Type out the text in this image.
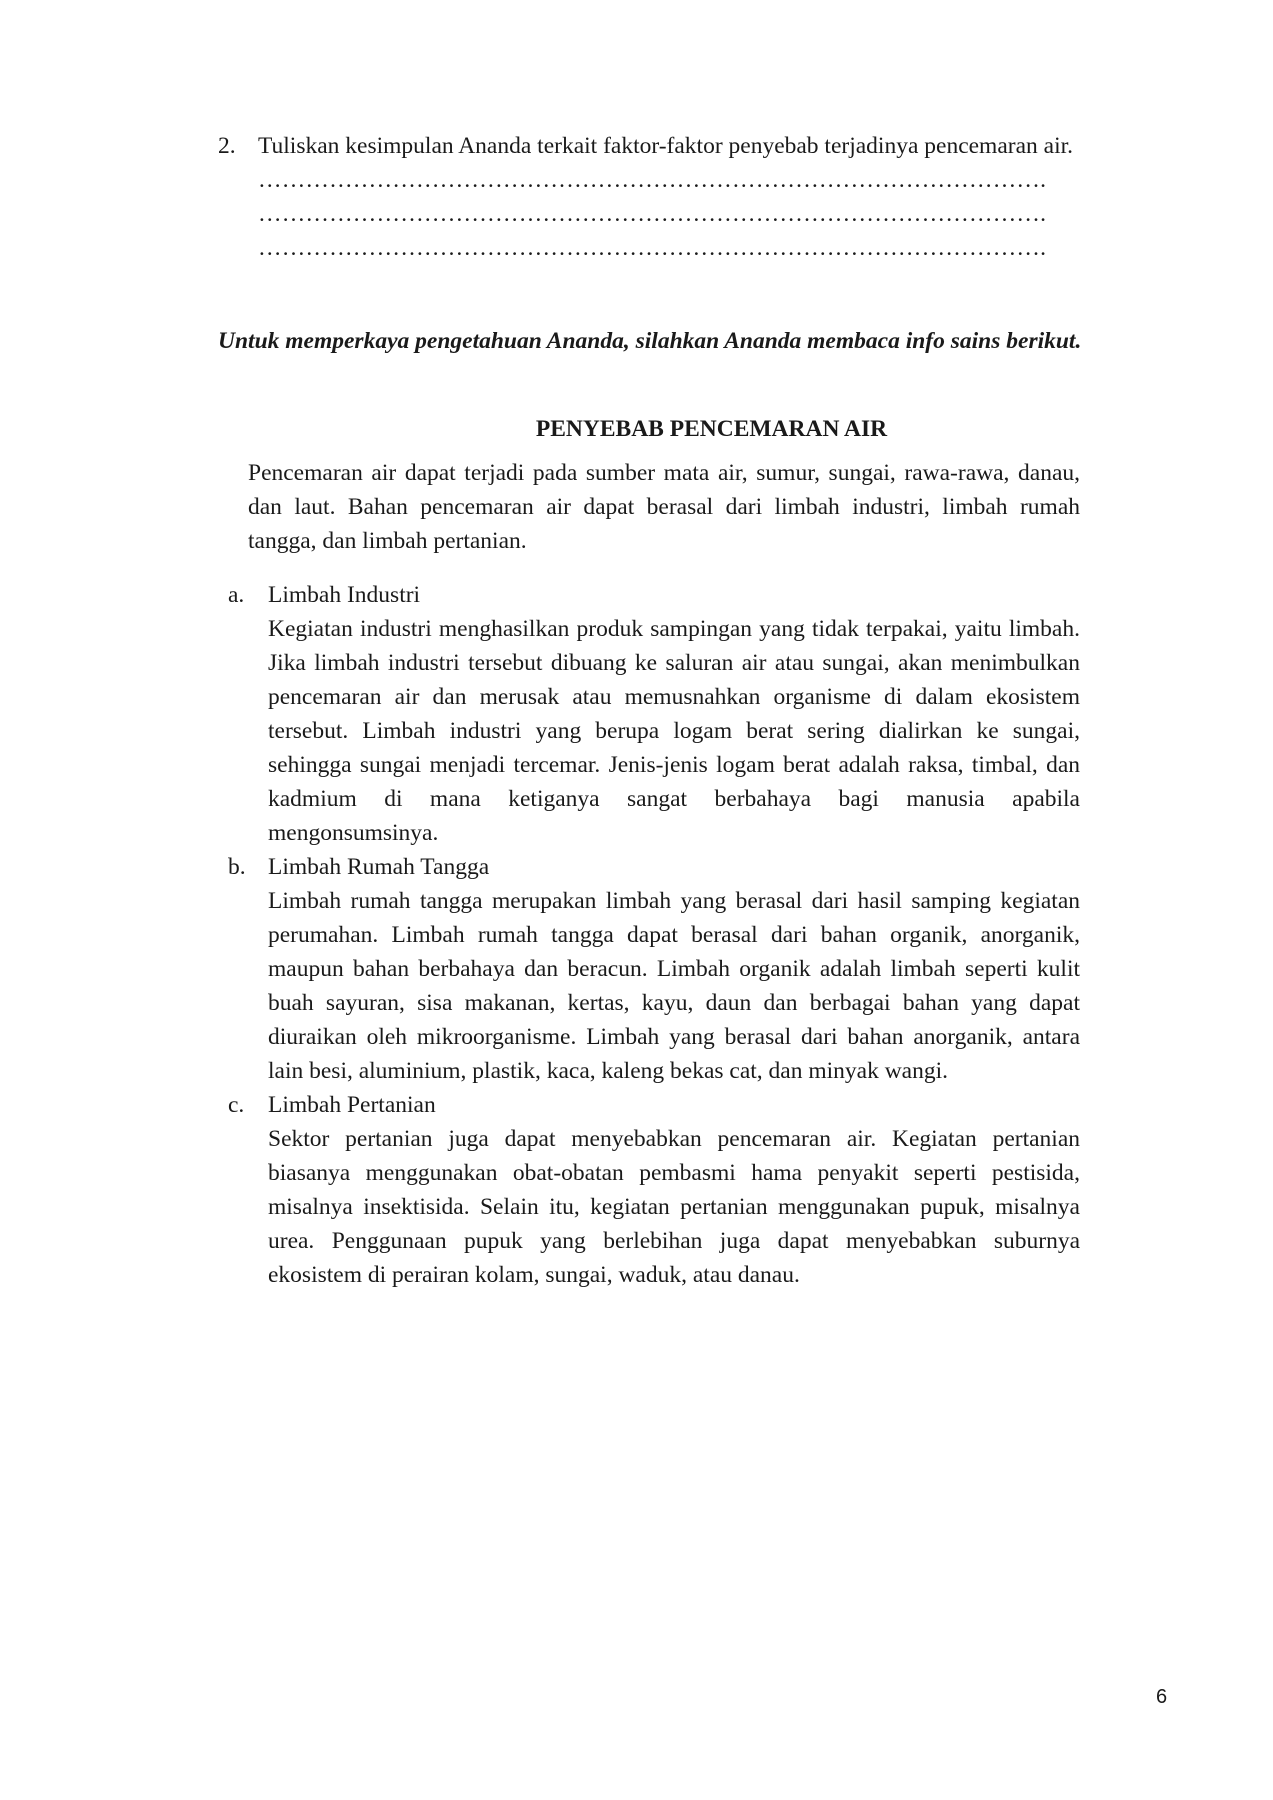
2. Tuliskan kesimpulan Ananda terkait faktor-faktor penyebab terjadinya pencemaran air.
……………………………………………………………………………………….
……………………………………………………………………………………….
……………………………………………………………………………………….
Untuk memperkaya pengetahuan Ananda, silahkan Ananda membaca info sains berikut.
PENYEBAB PENCEMARAN AIR
Pencemaran air dapat terjadi pada sumber mata air, sumur, sungai, rawa-rawa, danau, dan laut. Bahan pencemaran air dapat berasal dari limbah industri, limbah rumah tangga, dan limbah pertanian.
a.	Limbah Industri
Kegiatan industri menghasilkan produk sampingan yang tidak terpakai, yaitu limbah. Jika limbah industri tersebut dibuang ke saluran air atau sungai, akan menimbulkan pencemaran air dan merusak atau memusnahkan organisme di dalam ekosistem tersebut. Limbah industri yang berupa logam berat sering dialirkan ke sungai, sehingga sungai menjadi tercemar. Jenis-jenis logam berat adalah raksa, timbal, dan kadmium di mana ketiganya sangat berbahaya bagi manusia apabila mengonsumsinya.
b. Limbah Rumah Tangga
Limbah rumah tangga merupakan limbah yang berasal dari hasil samping kegiatan perumahan. Limbah rumah tangga dapat berasal dari bahan organik, anorganik, maupun bahan berbahaya dan beracun. Limbah organik adalah limbah seperti kulit buah sayuran, sisa makanan, kertas, kayu, daun dan berbagai bahan yang dapat diuraikan oleh mikroorganisme. Limbah yang berasal dari bahan anorganik, antara lain besi, aluminium, plastik, kaca, kaleng bekas cat, dan minyak wangi.
c.	Limbah Pertanian
Sektor pertanian juga dapat menyebabkan pencemaran air. Kegiatan pertanian biasanya menggunakan obat-obatan pembasmi hama penyakit seperti pestisida, misalnya insektisida. Selain itu, kegiatan pertanian menggunakan pupuk, misalnya urea. Penggunaan pupuk yang berlebihan juga dapat menyebabkan suburnya ekosistem di perairan kolam, sungai, waduk, atau danau.
6
